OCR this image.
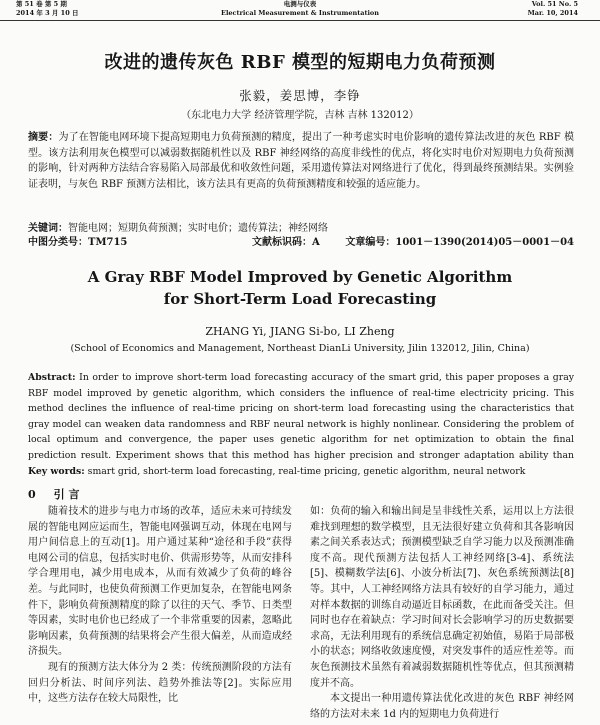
第 51 卷 第 5 期
2014 年 3 月 10 日
电测与仪表
Electrical Measurement & Instrumentation
Vol. 51 No. 5
Mar. 10, 2014
改进的遗传灰色 RBF 模型的短期电力负荷预测
张毅，姜思博，李铮
（东北电力大学 经济管理学院，吉林 吉林 132012）
摘要：为了在智能电网环境下提高短期电力负荷预测的精度，提出了一种考虑实时电价影响的遗传算法改进的灰色 RBF 模型。该方法利用灰色模型可以减弱数据随机性以及 RBF 神经网络的高度非线性的优点，将化实时电价对短期电力负荷预测的影响，针对两种方法结合容易陷入局部最优和收敛性问题，采用遗传算法对网络进行了优化，得到最终预测结果。实例验证表明，与灰色 RBF 预测方法相比，该方法具有更高的负荷预测精度和较强的适应能力。
关键词：智能电网；短期负荷预测；实时电价；遗传算法；神经网络
中图分类号：TM715	文献标识码：A	文章编号：1001－1390(2014)05－0001－04
A Gray RBF Model Improved by Genetic Algorithm
for Short-Term Load Forecasting
ZHANG Yi, JIANG Si-bo, LI Zheng
(School of Economics and Management, Northeast DianLi University, Jilin 132012, Jilin, China)
Abstract: In order to improve short-term load forecasting accuracy of the smart grid, this paper proposes a gray RBF model improved by genetic algorithm, which considers the influence of real-time electricity pricing. This method declines the influence of real-time pricing on short-term load forecasting using the characteristics that gray model can weaken data randomness and RBF neural network is highly nonlinear. Considering the problem of local optimum and convergence, the paper uses genetic algorithm for net optimization to obtain the final prediction result. Experiment shows that this method has higher precision and stronger adaptation ability than
Key words: smart grid, short-term load forecasting, real-time pricing, genetic algorithm, neural network
0 引 言

随着技术的进步与电力市场的改革，适应未来可持续发展的智能电网应运而生，智能电网强调互动，体现在电网与用户间信息上的互动[1]。用户通过某种“途径和手段”获得电网公司的信息，包括实时电价、供需形势等，从而安排科学合理用电，减少用电成本，从而有效减少了负荷的峰谷差。与此同时，也使负荷预测工作更加复杂，在智能电网条件下，影响负荷预测精度的除了以往的天气、季节、日类型等因素，实时电价也已经成了一个非常重要的因素，忽略此影响因素，负荷预测的结果将会产生很大偏差，从而造成经济损失。

现有的预测方法大体分为 2 类：传统预测阶段的方法有回归分析法、时间序列法、趋势外推法等[2]。实际应用中，这些方法存在较大局限性，比

如：负荷的输入和输出间是呈非线性关系，运用以上方法很难找到理想的数学模型，且无法很好建立负荷和其各影响因素之间关系表达式；预测模型缺乏自学习能力以及预测准确度不高。现代预测方法包括人工神经网络[3-4]、系统法[5]、模糊数学法[6]、小波分析法[7]、灰色系统预测法[8]等。其中，人工神经网络方法具有较好的自学习能力，通过对样本数据的训练自动逼近目标函数，在此而备受关注。但同时也存在着缺点：学习时间对长会影响学习的历史数据要求高，无法利用现有的系统信息确定初始值，易陷于局部极小的状态；网络收敛速度慢，对突发事件的适应性差等。而灰色预测技术虽然有着减弱数据随机性等优点，但其预测精度并不高。

本文提出一种用遗传算法优化改进的灰色 RBF 神经网络的方法对未来 1d 内的短期电力负荷进行
